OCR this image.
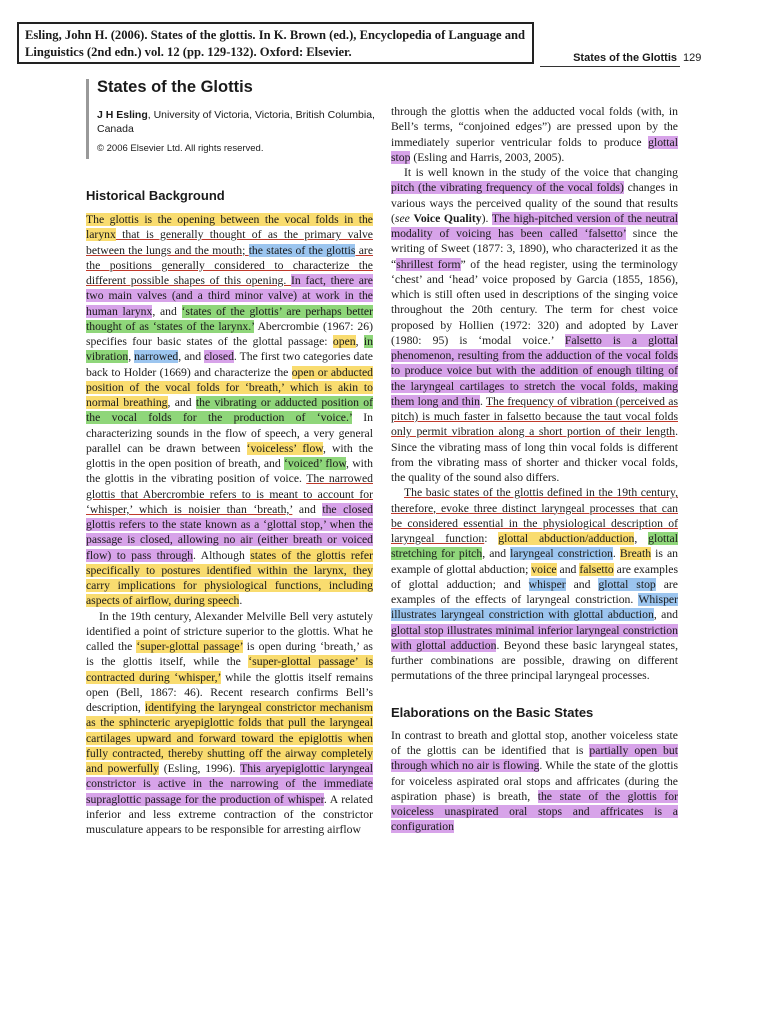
Esling, John H. (2006). States of the glottis. In K. Brown (ed.), Encyclopedia of Language and Linguistics (2nd edn.) vol. 12 (pp. 129-132). Oxford: Elsevier.	States of the Glottis 129
States of the Glottis
J H Esling, University of Victoria, Victoria, British Columbia, Canada
© 2006 Elsevier Ltd. All rights reserved.
Historical Background

The glottis is the opening between the vocal folds in the larynx that is generally thought of as the primary valve between the lungs and the mouth; the states of the glottis are the positions generally considered to characterize the different possible shapes of this opening. In fact, there are two main valves (and a third minor valve) at work in the human larynx, and ‘states of the glottis’ are perhaps better thought of as ‘states of the larynx.’ Abercrombie (1967: 26) specifies four basic states of the glottal passage: open, in vibration, narrowed, and closed. The first two categories date back to Holder (1669) and characterize the open or abducted position of the vocal folds for ‘breath,’ which is akin to normal breathing, and the vibrating or adducted position of the vocal folds for the production of ‘voice.’ In characterizing sounds in the flow of speech, a very general parallel can be drawn between ‘voiceless’ flow, with the glottis in the open position of breath, and ‘voiced’ flow, with the glottis in the vibrating position of voice. The narrowed glottis that Abercrombie refers to is meant to account for ‘whisper,’ which is noisier than ‘breath,’ and the closed glottis refers to the state known as a ‘glottal stop,’ when the passage is closed, allowing no air (either breath or voiced flow) to pass through. Although states of the glottis refer specifically to postures identified within the larynx, they carry implications for physiological functions, including aspects of airflow, during speech.

In the 19th century, Alexander Melville Bell very astutely identified a point of stricture superior to the glottis. What he called the ‘super-glottal passage’ is open during ‘breath,’ as is the glottis itself, while the ‘super-glottal passage’ is contracted during ‘whisper,’ while the glottis itself remains open (Bell, 1867: 46). Recent research confirms Bell’s description, identifying the laryngeal constrictor mechanism as the sphincteric aryepiglottic folds that pull the laryngeal cartilages upward and forward toward the epiglottis when fully contracted, thereby shutting off the airway completely and powerfully (Esling, 1996). This aryepiglottic laryngeal constrictor is active in the narrowing of the immediate supraglottic passage for the production of whisper. A related inferior and less extreme contraction of the constrictor musculature appears to be responsible for arresting airflow

through the glottis when the adducted vocal folds (with, in Bell’s terms, “conjoined edges”) are pressed upon by the immediately superior ventricular folds to produce glottal stop (Esling and Harris, 2003, 2005).

It is well known in the study of the voice that changing pitch (the vibrating frequency of the vocal folds) changes in various ways the perceived quality of the sound that results (see Voice Quality). The high-pitched version of the neutral modality of voicing has been called ‘falsetto’ since the writing of Sweet (1877: 3, 1890), who characterized it as the “shrillest form” of the head register, using the terminology ‘chest’ and ‘head’ voice proposed by Garcia (1855, 1856), which is still often used in descriptions of the singing voice throughout the 20th century. The term for chest voice proposed by Hollien (1972: 320) and adopted by Laver (1980: 95) is ‘modal voice.’ Falsetto is a glottal phenomenon, resulting from the adduction of the vocal folds to produce voice but with the addition of enough tilting of the laryngeal cartilages to stretch the vocal folds, making them long and thin. The frequency of vibration (perceived as pitch) is much faster in falsetto because the taut vocal folds only permit vibration along a short portion of their length. Since the vibrating mass of long thin vocal folds is different from the vibrating mass of shorter and thicker vocal folds, the quality of the sound also differs.

The basic states of the glottis defined in the 19th century, therefore, evoke three distinct laryngeal processes that can be considered essential in the physiological description of laryngeal function: glottal abduction/adduction, glottal stretching for pitch, and laryngeal constriction. Breath is an example of glottal abduction; voice and falsetto are examples of glottal adduction; and whisper and glottal stop are examples of the effects of laryngeal constriction. Whisper illustrates laryngeal constriction with glottal abduction, and glottal stop illustrates minimal inferior laryngeal constriction with glottal adduction. Beyond these basic laryngeal states, further combinations are possible, drawing on different permutations of the three principal laryngeal processes.

Elaborations on the Basic States

In contrast to breath and glottal stop, another voiceless state of the glottis can be identified that is partially open but through which no air is flowing. While the state of the glottis for voiceless aspirated oral stops and affricates (during the aspiration phase) is breath, the state of the glottis for voiceless unaspirated oral stops and affricates is a configuration
